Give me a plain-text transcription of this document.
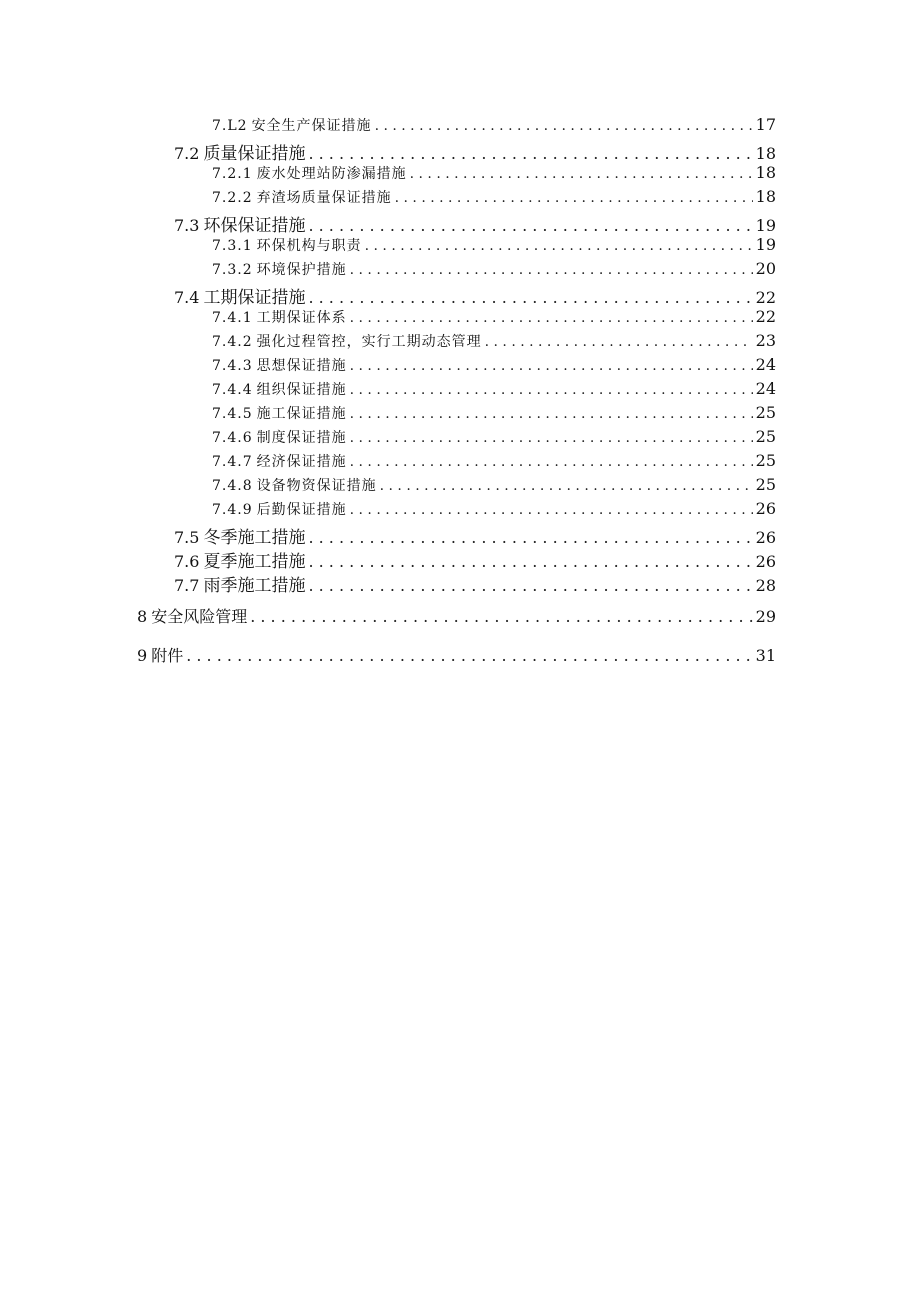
7.L2 安全生产保证措施 . . .	17
7.2 质量保证措施 . . .	18
7.2.1 废水处理站防渗漏措施 . . .	18
7.2.2 弃渣场质量保证措施 . . .	18
7.3 环保保证措施 . . .	19
7.3.1 环保机构与职责 . . .	19
7.3.2 环境保护措施 . . .	20
7.4 工期保证措施 . . .	22
7.4.1 工期保证体系 . . .	22
7.4.2 强化过程管控，实行工期动态管理 . . .	23
7.4.3 思想保证措施 . . .	24
7.4.4 组织保证措施 . . .	24
7.4.5 施工保证措施 . . .	25
7.4.6 制度保证措施 . . .	25
7.4.7 经济保证措施 . . .	25
7.4.8 设备物资保证措施 . . .	25
7.4.9 后勤保证措施 . . .	26
7.5 冬季施工措施 . . .	26
7.6 夏季施工措施 . . .	26
7.7 雨季施工措施 . . .	28
8 安全风险管理 . . .	29
9 附件 . . .	31
